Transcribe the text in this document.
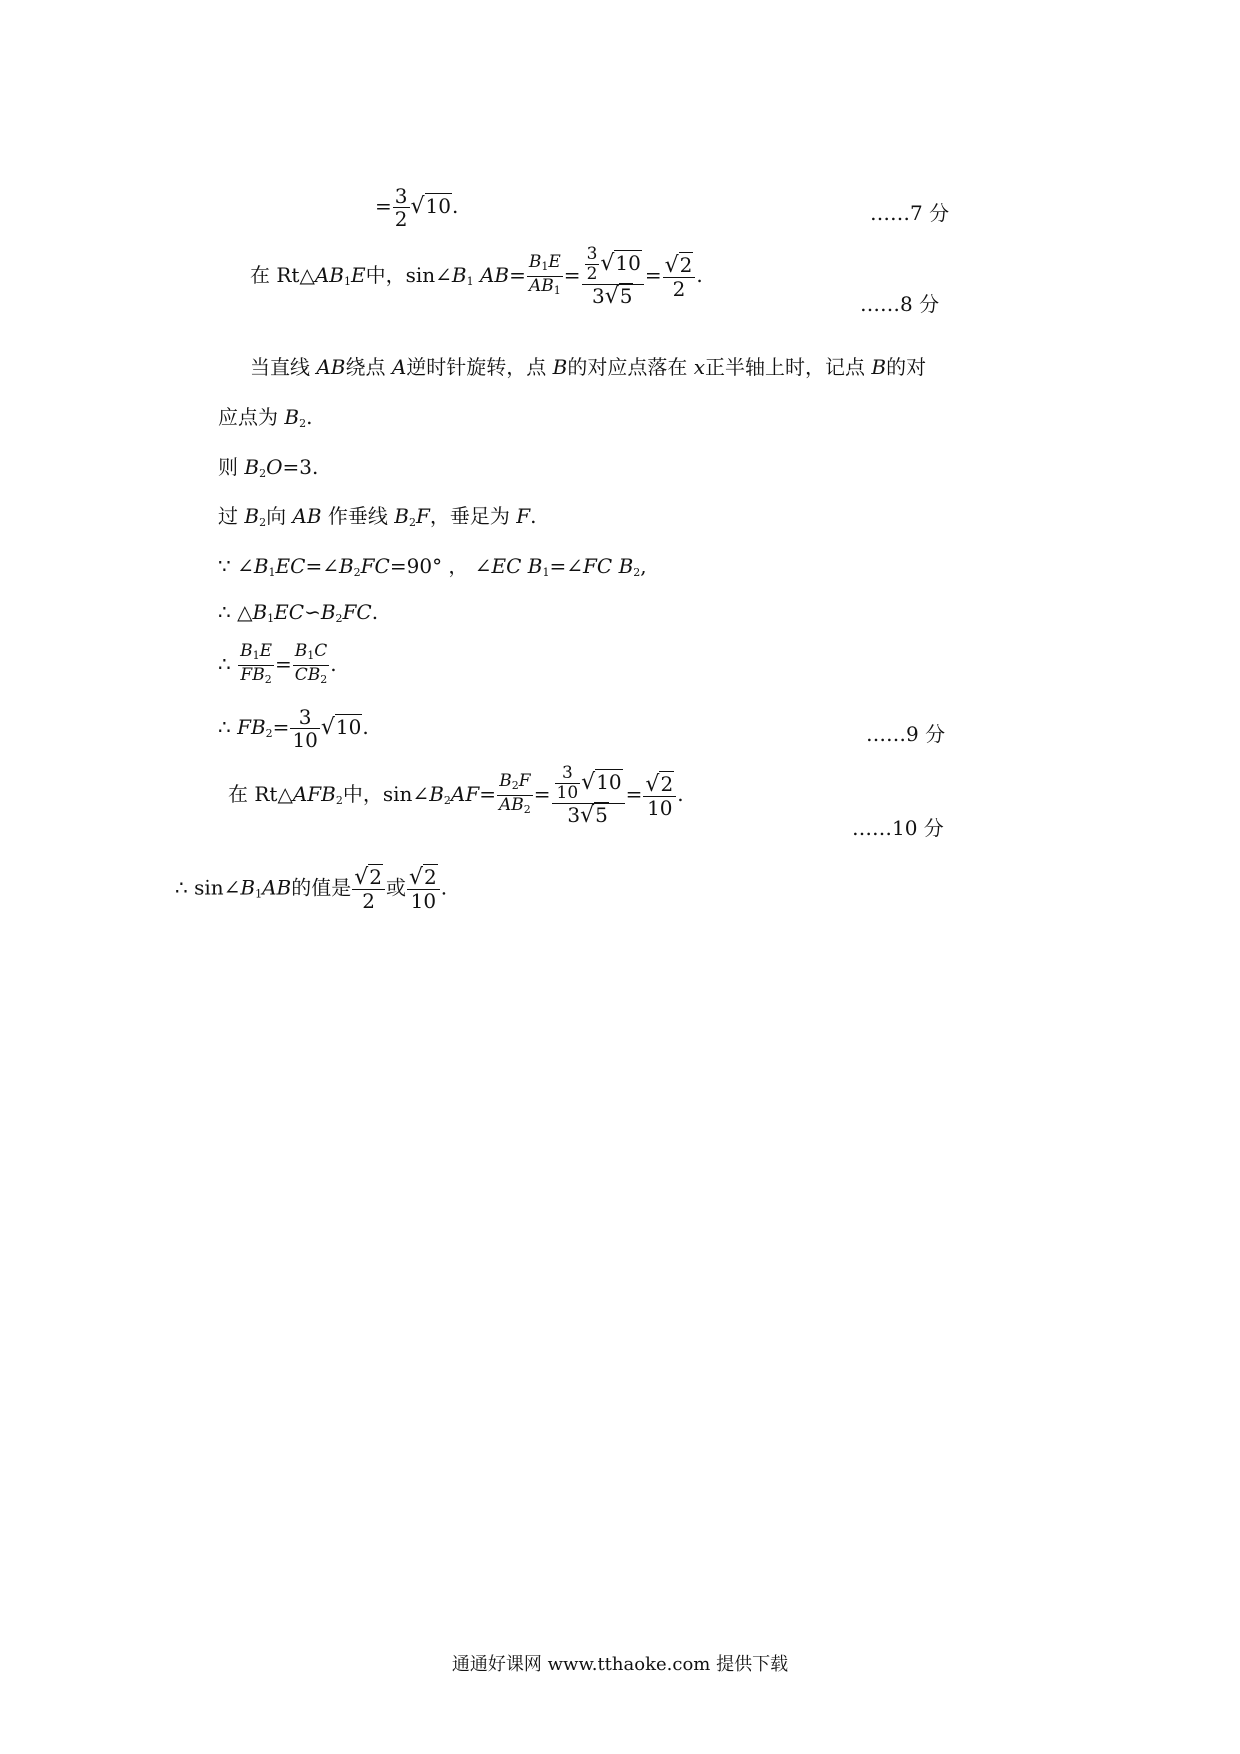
= $\frac{3}{2} √10$.	……7 分
在 $Rt\triangle AB_1E$中，$\sin\angle B_1$ $AB= \frac{B_1E}{AB_1} = \frac{\frac{3}{2} √10}{3√5} = \frac{√2}{2}$ .
……8 分
当直线 AB绕点 A逆时针旋转，点 B的对应点落在 x正半轴上时，记点 B的对
应点为 $B_2$.
则 $B_2O=3$.
过 $B_2$向 AB 作垂线 $B_2F$，垂足为 F.
∵ $\angle B_1EC=\angle B_2FC=90^\circ$ ， ∠EC $B_1=\angle FC$ $B_2$,
∴ $\triangle B_1EC∽B_2FC$.
∴ $\frac{B_1E}{FB_2} = \frac{B_1C}{CB_2}$ .
∴ $FB_2= \frac{3}{10} √10$.	……9 分
在 $Rt\triangle AFB_2$中，$\sin\angle B_2AF= \frac{B_2F}{AB_2} = \frac{\frac{3}{10} √10}{3√5} = \frac{√2}{10}$ .
……10 分
∴ $\sin\angle B_1AB$的值是 $\frac{√2}{2}$ 或 $\frac{√2}{10}$ .
通通好课网 www.tthaoke.com 提供下载
